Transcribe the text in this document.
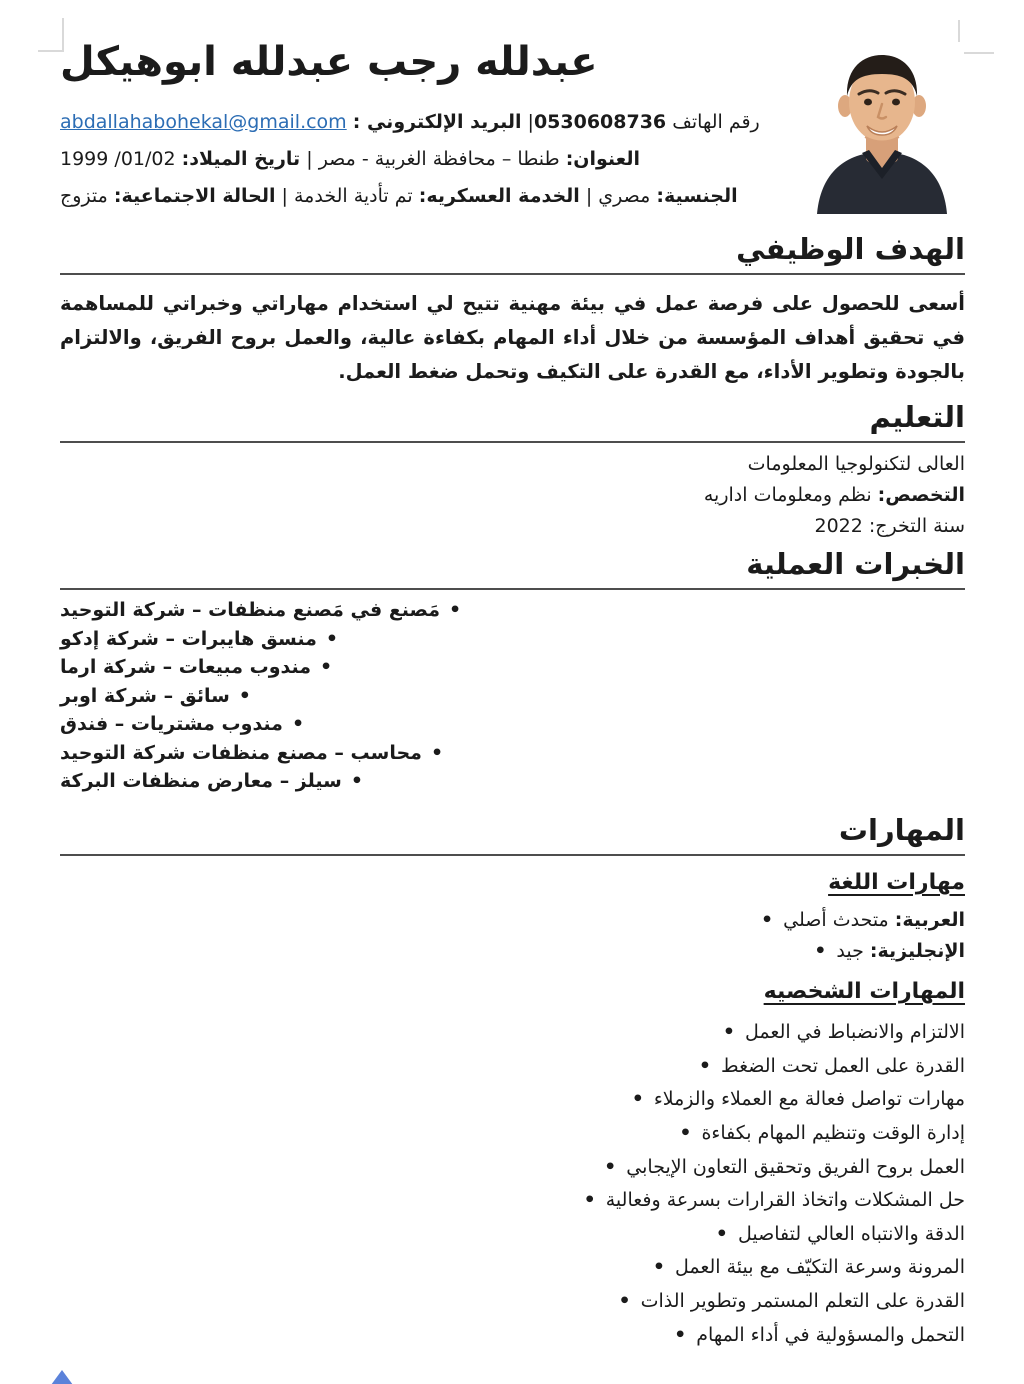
عبدلله رجب عبدلله ابوهيكل
رقم الهاتف 0530608736| البريد الإلكتروني : abdallahabohekal@gmail.com
العنوان: طنطا – محافظة الغربية - مصر | تاريخ الميلاد: 01/02/ 1999
الجنسية: مصري | الخدمة العسكريه: تم تأدية الخدمة | الحالة الاجتماعية: متزوج
الهدف الوظيفي

أسعى للحصول على فرصة عمل في بيئة مهنية تتيح لي استخدام مهاراتي وخبراتي للمساهمة في تحقيق أهداف المؤسسة من خلال أداء المهام بكفاءة عالية، والعمل بروح الفريق، والالتزام بالجودة وتطوير الأداء، مع القدرة على التكيف وتحمل ضغط العمل.

التعليم
العالى لتكنولوجيا المعلومات
التخصص: نظم ومعلومات اداريه
سنة التخرج: 2022
الخبرات العملية
مَصنع في مَصنع منظفات – شركة التوحيد •
منسق هايبرات – شركة إدكو •
مندوب مبيعات – شركة ارما •
سائق – شركة اوبر •
مندوب مشتريات – فندق •
محاسب – مصنع منظفات شركة التوحيد •
سيلز – معارض منظفات البركة •
المهارات
مهارات اللغة
•	العربية: متحدث أصلي
•	الإنجليزية: جيد
المهارات الشخصيه
• الالتزام والانضباط في العمل
• القدرة على العمل تحت الضغط
• مهارات تواصل فعالة مع العملاء والزملاء
• إدارة الوقت وتنظيم المهام بكفاءة
• العمل بروح الفريق وتحقيق التعاون الإيجابي
• حل المشكلات واتخاذ القرارات بسرعة وفعالية
• الدقة والانتباه العالي لتفاصيل
• المرونة وسرعة التكيّف مع بيئة العمل
• القدرة على التعلم المستمر وتطوير الذات
• التحمل والمسؤولية في أداء المهام
